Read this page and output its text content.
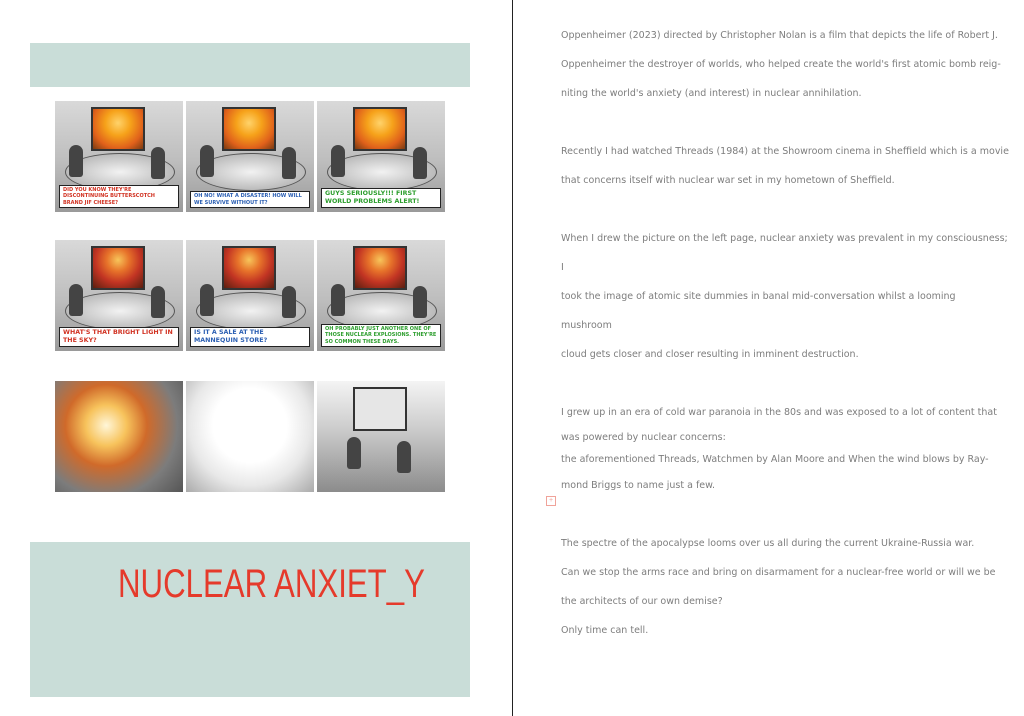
DID YOU KNOW THEY'RE DISCONTINUING BUTTERSCOTCH BRAND JIF CHEESE?
OH NO! WHAT A DISASTER! HOW WILL WE SURVIVE WITHOUT IT?
GUYS SERIOUSLY!!! FIRST WORLD PROBLEMS ALERT!
WHAT'S THAT BRIGHT LIGHT IN THE SKY?
IS IT A SALE AT THE MANNEQUIN STORE?
OH PROBABLY JUST ANOTHER ONE OF THOSE NUCLEAR EXPLOSIONS. THEY'RE SO COMMON THESE DAYS.
NUCLEAR ANXIET_Y
+

Oppenheimer (2023) directed by Christopher Nolan is a film that depicts the life of Robert J.

Oppenheimer the destroyer of worlds, who helped create the world's first atomic bomb reig-

niting the world's anxiety (and interest) in nuclear annihilation.

Recently I had watched Threads (1984) at the Showroom cinema in Sheffield which is a movie

that concerns itself with nuclear war set in my hometown of Sheffield.

When I drew the picture on the left page, nuclear anxiety was prevalent in my consciousness; I

took the image of atomic site dummies in banal mid-conversation whilst a looming mushroom

cloud gets closer and closer resulting in imminent destruction.

I grew up in an era of cold war paranoia in the 80s and was exposed to a lot of content that

was powered by nuclear concerns:

the aforementioned Threads, Watchmen by Alan Moore and When the wind blows by Ray-

mond Briggs to name just a few.

The spectre of the apocalypse looms over us all during the current Ukraine-Russia war.

Can we stop the arms race and bring on disarmament for a nuclear-free world or will we be

the architects of our own demise?

Only time can tell.
